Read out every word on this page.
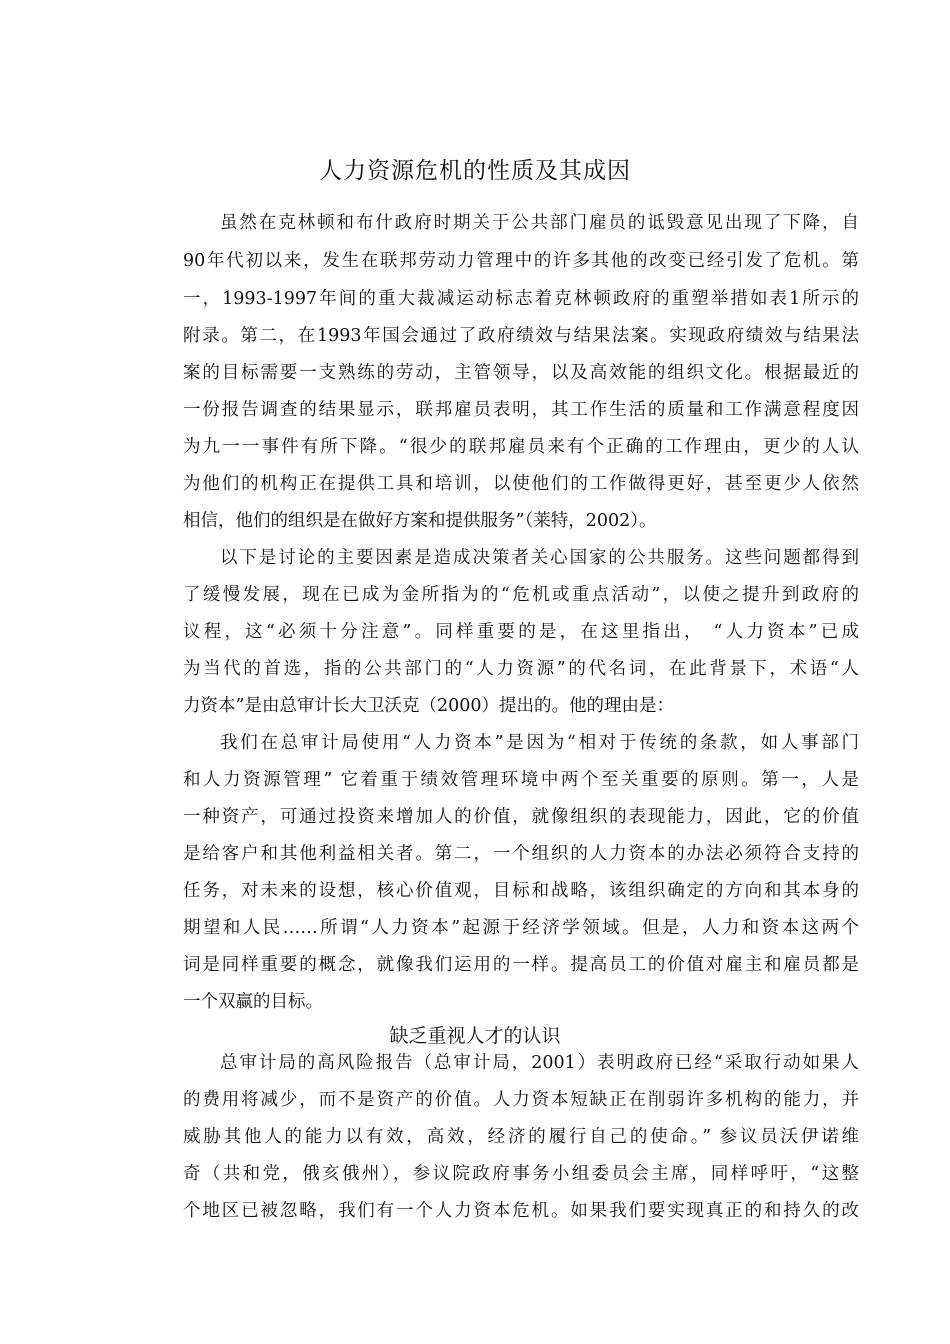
人力资源危机的性质及其成因

虽然在克林顿和布什政府时期关于公共部门雇员的诋毁意见出现了下降，自

90年代初以来，发生在联邦劳动力管理中的许多其他的改变已经引发了危机。第

一，1993-1997年间的重大裁减运动标志着克林顿政府的重塑举措如表1所示的

附录。第二，在1993年国会通过了政府绩效与结果法案。实现政府绩效与结果法

案的目标需要一支熟练的劳动，主管领导，以及高效能的组织文化。根据最近的

一份报告调查的结果显示，联邦雇员表明，其工作生活的质量和工作满意程度因

为九一一事件有所下降。“很少的联邦雇员来有个正确的工作理由，更少的人认

为他们的机构正在提供工具和培训，以使他们的工作做得更好，甚至更少人依然

相信，他们的组织是在做好方案和提供服务”（莱特，2002）。

以下是讨论的主要因素是造成决策者关心国家的公共服务。这些问题都得到

了缓慢发展，现在已成为金所指为的“危机或重点活动”，以使之提升到政府的

议程，这“必须十分注意”。同样重要的是，在这里指出， “人力资本”已成

为当代的首选，指的公共部门的“人力资源”的代名词，在此背景下，术语“人

力资本”是由总审计长大卫沃克（2000）提出的。他的理由是：

我们在总审计局使用“人力资本”是因为“相对于传统的条款，如人事部门

和人力资源管理” 它着重于绩效管理环境中两个至关重要的原则。第一，人是

一种资产，可通过投资来增加人的价值，就像组织的表现能力，因此，它的价值

是给客户和其他利益相关者。第二，一个组织的人力资本的办法必须符合支持的

任务，对未来的设想，核心价值观，目标和战略，该组织确定的方向和其本身的

期望和人民……所谓“人力资本”起源于经济学领域。但是，人力和资本这两个

词是同样重要的概念，就像我们运用的一样。提高员工的价值对雇主和雇员都是

一个双赢的目标。

缺乏重视人才的认识

总审计局的高风险报告（总审计局，2001）表明政府已经“采取行动如果人

的费用将减少，而不是资产的价值。人力资本短缺正在削弱许多机构的能力，并

威胁其他人的能力以有效，高效，经济的履行自己的使命。” 参议员沃伊诺维

奇（共和党，俄亥俄州），参议院政府事务小组委员会主席，同样呼吁，“这整

个地区已被忽略，我们有一个人力资本危机。如果我们要实现真正的和持久的改
